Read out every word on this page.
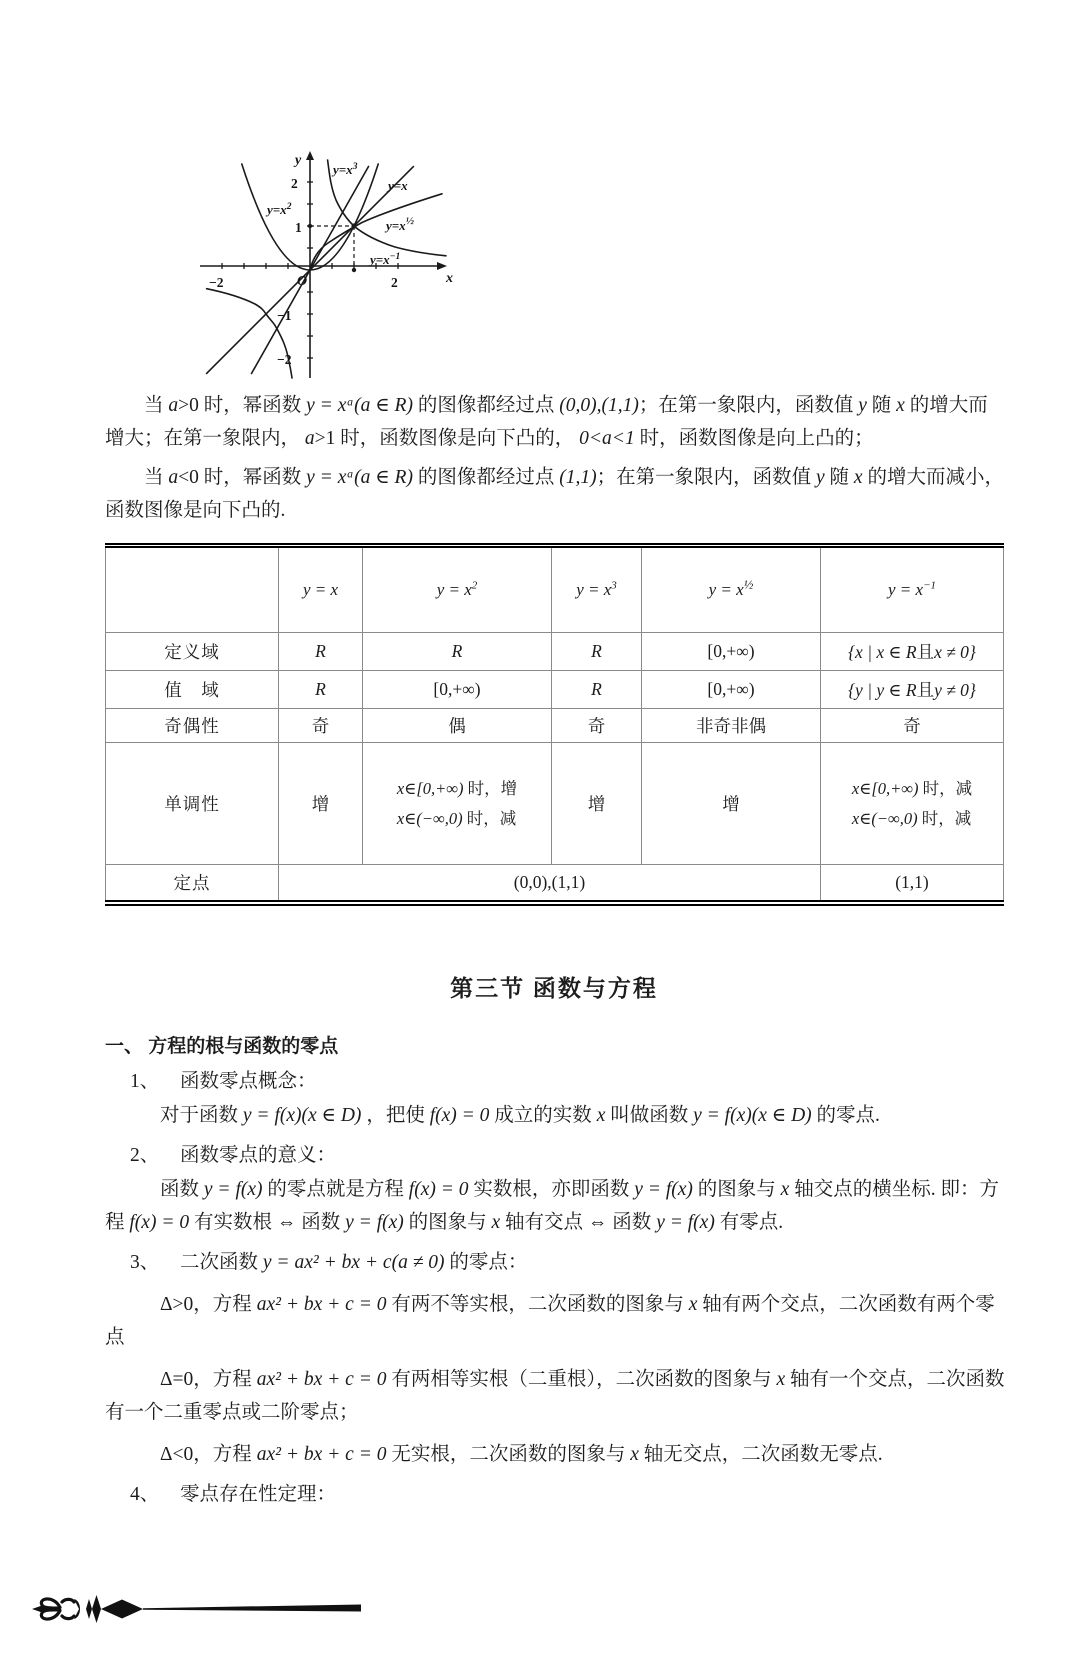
y
x
O
−2	2
2
1
−1
−2
$y=x^3$
y=x
$y=x^2$
$y=x^{\frac{1}{2}}$
$y=x^{-1}$

当 a>0 时，幂函数 y = xᵃ(a ∈ R) 的图像都经过点 (0,0),(1,1)；在第一象限内，函数值 y 随 x 的增大而增大；在第一象限内， a>1 时，函数图像是向下凸的， 0<a<1 时，函数图像是向上凸的；

当 a<0 时，幂函数 y = xᵃ(a ∈ R) 的图像都经过点 (1,1)；在第一象限内，函数值 y 随 x 的增大而减小，函数图像是向下凸的.

	y = x	$y = x^2$	$y = x^3$	$y = x^{\frac{1}{2}}$	$y = x^{-1}$
定义域	R	R	R	[0,+∞)	{x | x ∈ R且x ≠ 0}
值　域	R	[0,+∞)	R	[0,+∞)	{y | y ∈ R且y ≠ 0}
奇偶性	奇	偶	奇	非奇非偶	奇
单调性	增	
x∈[0,+∞) 时，增
x∈(−∞,0) 时，减
	增	增	
x∈[0,+∞) 时，减
x∈(−∞,0) 时，减

定点	(0,0),(1,1)				(1,1)
第三节 函数与方程
一、 方程的根与函数的零点

1、 函数零点概念：

对于函数 y = f(x)(x ∈ D) ，把使 f(x) = 0 成立的实数 x 叫做函数 y = f(x)(x ∈ D) 的零点.

2、 函数零点的意义：

函数 y = f(x) 的零点就是方程 f(x) = 0 实数根，亦即函数 y = f(x) 的图象与 x 轴交点的横坐标. 即：方程 f(x) = 0 有实数根 ⇔ 函数 y = f(x) 的图象与 x 轴有交点 ⇔ 函数 y = f(x) 有零点.

3、 二次函数 y = ax² + bx + c(a ≠ 0) 的零点：

Δ>0，方程 ax² + bx + c = 0 有两不等实根，二次函数的图象与 x 轴有两个交点，二次函数有两个零点

Δ=0，方程 ax² + bx + c = 0 有两相等实根（二重根），二次函数的图象与 x 轴有一个交点，二次函数有一个二重零点或二阶零点；

Δ<0，方程 ax² + bx + c = 0 无实根，二次函数的图象与 x 轴无交点，二次函数无零点.

4、 零点存在性定理：
